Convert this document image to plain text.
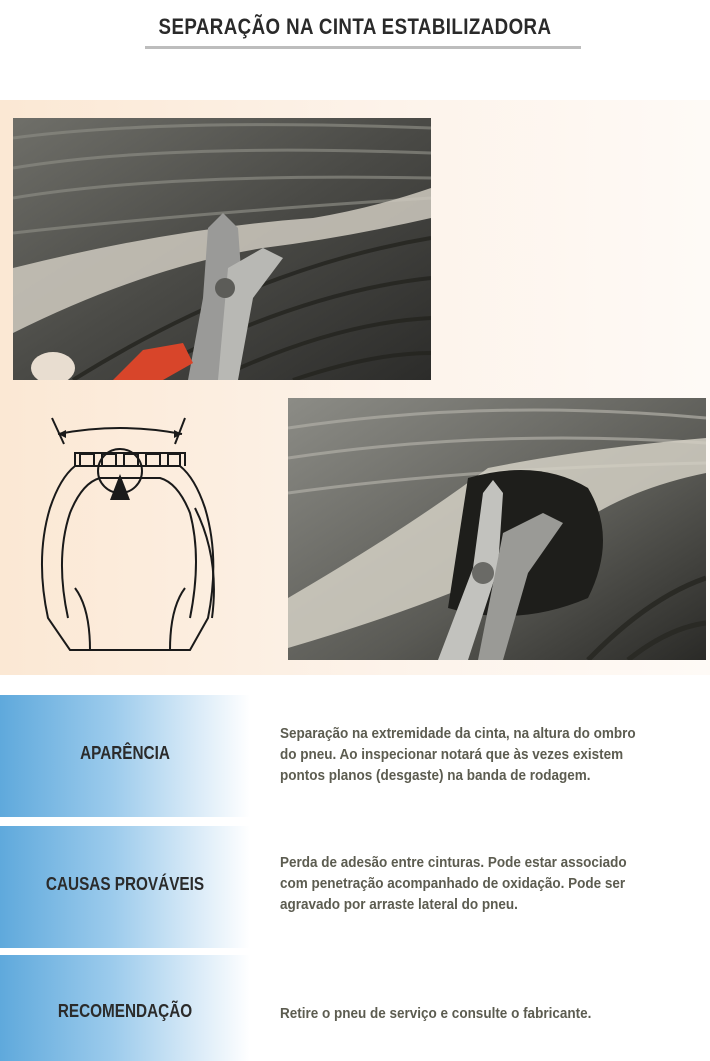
SEPARAÇÃO NA CINTA ESTABILIZADORA
APARÊNCIA
Separação na extremidade da cinta, na altura do ombro
do pneu. Ao inspecionar notará que às vezes existem
pontos planos (desgaste) na banda de rodagem.
CAUSAS PROVÁVEIS
Perda de adesão entre cinturas. Pode estar associado
com penetração acompanhado de oxidação. Pode ser
agravado por arraste lateral do pneu.
RECOMENDAÇÃO	Retire o pneu de serviço e consulte o fabricante.
